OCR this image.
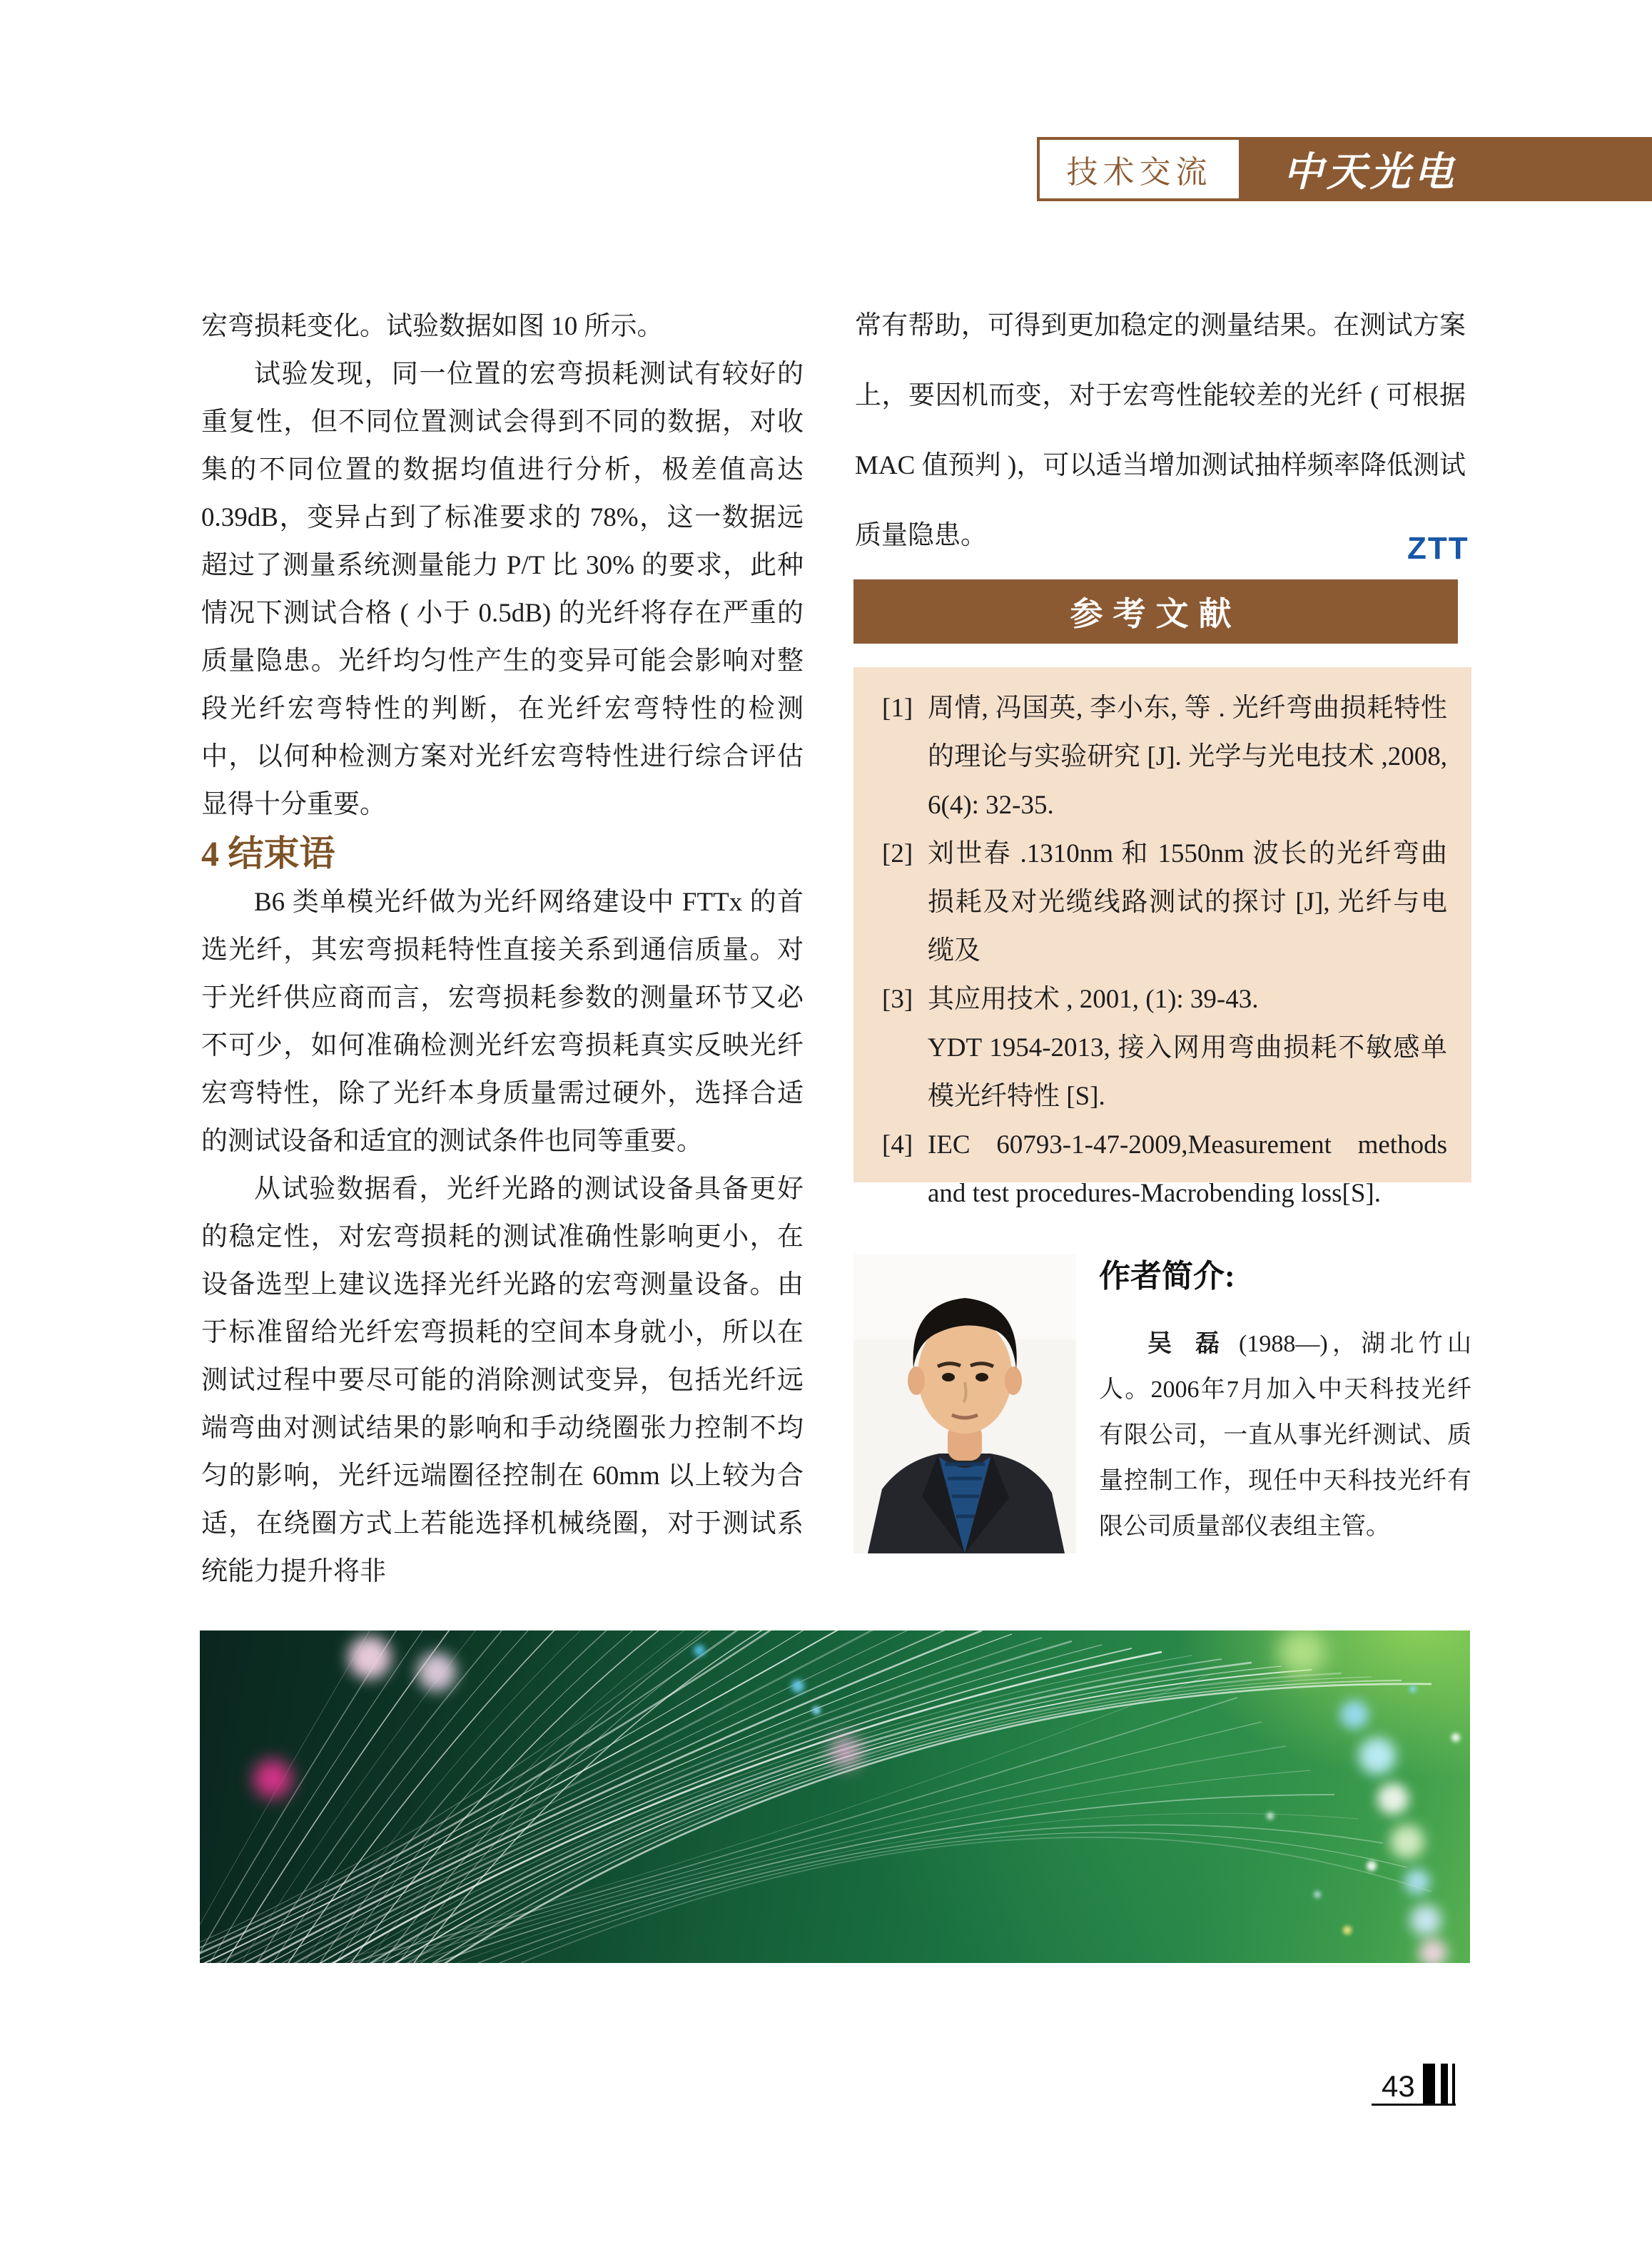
技术交流	中天光电

宏弯损耗变化。试验数据如图 10 所示。

试验发现，同一位置的宏弯损耗测试有较好的重复性，但不同位置测试会得到不同的数据，对收集的不同位置的数据均值进行分析，极差值高达 0.39dB，变异占到了标准要求的 78%，这一数据远超过了测量系统测量能力 P/T 比 30% 的要求，此种情况下测试合格 ( 小于 0.5dB) 的光纤将存在严重的质量隐患。光纤均匀性产生的变异可能会影响对整段光纤宏弯特性的判断，在光纤宏弯特性的检测中，以何种检测方案对光纤宏弯特性进行综合评估显得十分重要。

4 结束语

B6 类单模光纤做为光纤网络建设中 FTTx 的首选光纤，其宏弯损耗特性直接关系到通信质量。对于光纤供应商而言，宏弯损耗参数的测量环节又必不可少，如何准确检测光纤宏弯损耗真实反映光纤宏弯特性，除了光纤本身质量需过硬外，选择合适的测试设备和适宜的测试条件也同等重要。

从试验数据看，光纤光路的测试设备具备更好的稳定性，对宏弯损耗的测试准确性影响更小，在设备选型上建议选择光纤光路的宏弯测量设备。由于标准留给光纤宏弯损耗的空间本身就小，所以在测试过程中要尽可能的消除测试变异，包括光纤远端弯曲对测试结果的影响和手动绕圈张力控制不均匀的影响，光纤远端圈径控制在 60mm 以上较为合适，在绕圈方式上若能选择机械绕圈，对于测试系统能力提升将非

常有帮助，可得到更加稳定的测量结果。在测试方案上，要因机而变，对于宏弯性能较差的光纤 ( 可根据 MAC 值预判 )，可以适当增加测试抽样频率降低测试质量隐患。	ZTT
参考文献
[1] 周情, 冯国英, 李小东, 等 . 光纤弯曲损耗特性的理论与实验研究 [J]. 光学与光电技术 ,2008, 6(4): 32-35.
[2] 刘世春 .1310nm 和 1550nm 波长的光纤弯曲损耗及对光缆线路测试的探讨 [J], 光纤与电缆及
[3] 其应用技术 , 2001, (1): 39-43.
YDT 1954-2013, 接入网用弯曲损耗不敏感单模光纤特性 [S].
[4] IEC 60793-1-47-2009,Measurement methods and test procedures-Macrobending loss[S].
作者简介:

吴 磊 (1988—)，湖北竹山人。2006年7月加入中天科技光纤有限公司，一直从事光纤测试、质量控制工作，现任中天科技光纤有限公司质量部仪表组主管。

43
